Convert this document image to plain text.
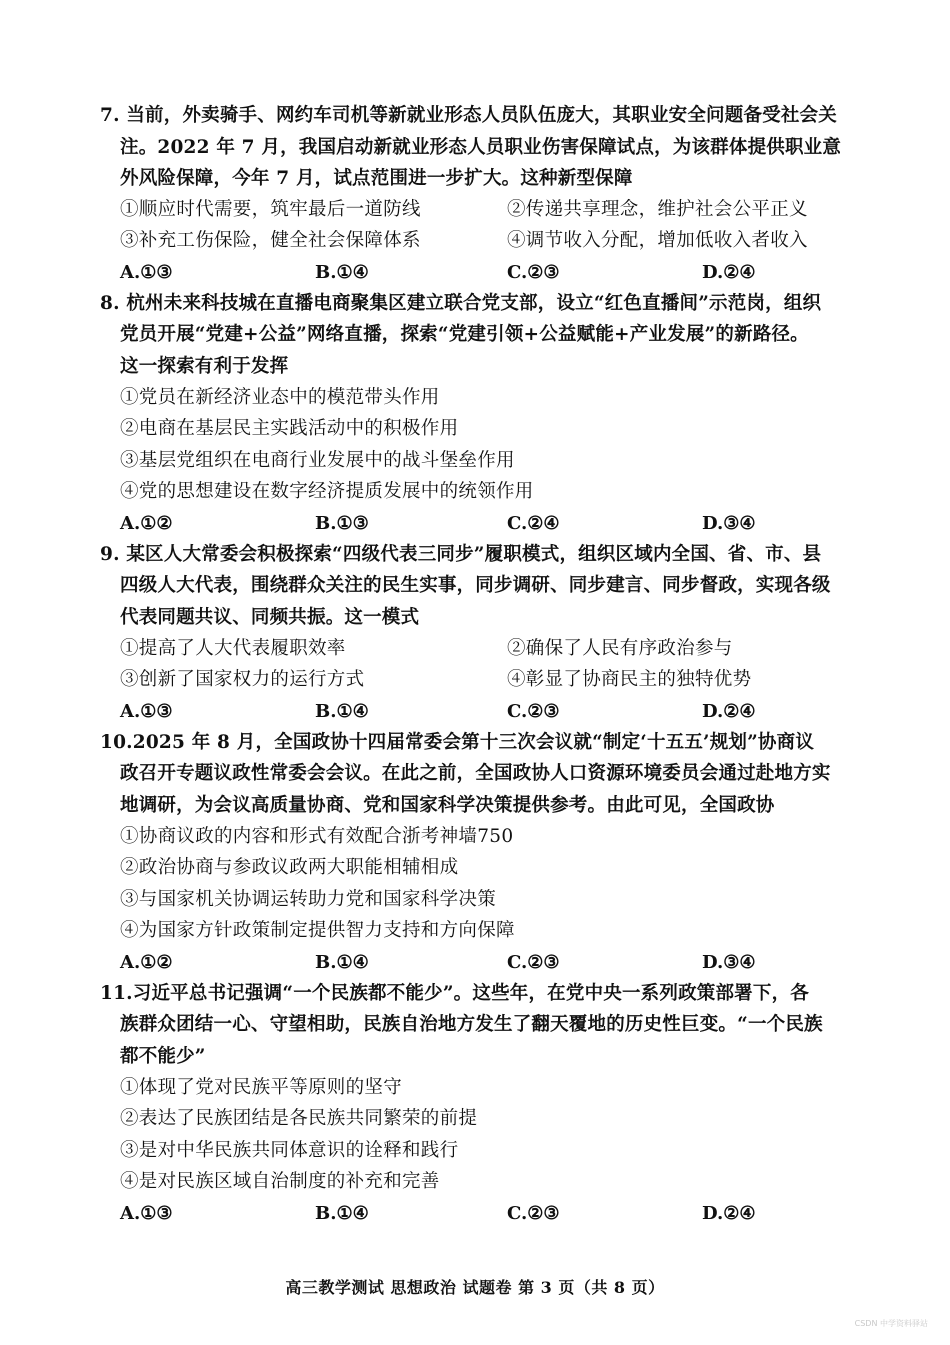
7. 当前，外卖骑手、网约车司机等新就业形态人员队伍庞大，其职业安全问题备受社会关
注。2022 年 7 月，我国启动新就业形态人员职业伤害保障试点，为该群体提供职业意
外风险保障，今年 7 月，试点范围进一步扩大。这种新型保障
①顺应时代需要，筑牢最后一道防线	②传递共享理念，维护社会公平正义
③补充工伤保险，健全社会保障体系	④调节收入分配，增加低收入者收入
A.①③	B.①④	C.②③	D.②④
8. 杭州未来科技城在直播电商聚集区建立联合党支部，设立“红色直播间”示范岗，组织
党员开展“党建+公益”网络直播，探索“党建引领+公益赋能+产业发展”的新路径。
这一探索有利于发挥
①党员在新经济业态中的模范带头作用
②电商在基层民主实践活动中的积极作用
③基层党组织在电商行业发展中的战斗堡垒作用
④党的思想建设在数字经济提质发展中的统领作用
A.①②	B.①③	C.②④	D.③④
9. 某区人大常委会积极探索“四级代表三同步”履职模式，组织区域内全国、省、市、县
四级人大代表，围绕群众关注的民生实事，同步调研、同步建言、同步督政，实现各级
代表同题共议、同频共振。这一模式
①提高了人大代表履职效率	②确保了人民有序政治参与
③创新了国家权力的运行方式	④彰显了协商民主的独特优势
A.①③	B.①④	C.②③	D.②④
10.2025 年 8 月，全国政协十四届常委会第十三次会议就“制定‘十五五’规划”协商议
政召开专题议政性常委会会议。在此之前，全国政协人口资源环境委员会通过赴地方实
地调研，为会议高质量协商、党和国家科学决策提供参考。由此可见，全国政协
①协商议政的内容和形式有效配合浙考神墙750
②政治协商与参政议政两大职能相辅相成
③与国家机关协调运转助力党和国家科学决策
④为国家方针政策制定提供智力支持和方向保障
A.①②	B.①④	C.②③	D.③④
11.习近平总书记强调“一个民族都不能少”。这些年，在党中央一系列政策部署下，各
族群众团结一心、守望相助，民族自治地方发生了翻天覆地的历史性巨变。“一个民族
都不能少”
①体现了党对民族平等原则的坚守
②表达了民族团结是各民族共同繁荣的前提
③是对中华民族共同体意识的诠释和践行
④是对民族区域自治制度的补充和完善
A.①③	B.①④	C.②③	D.②④
高三教学测试 思想政治 试题卷 第 3 页（共 8 页）
CSDN 中学资料驿站
